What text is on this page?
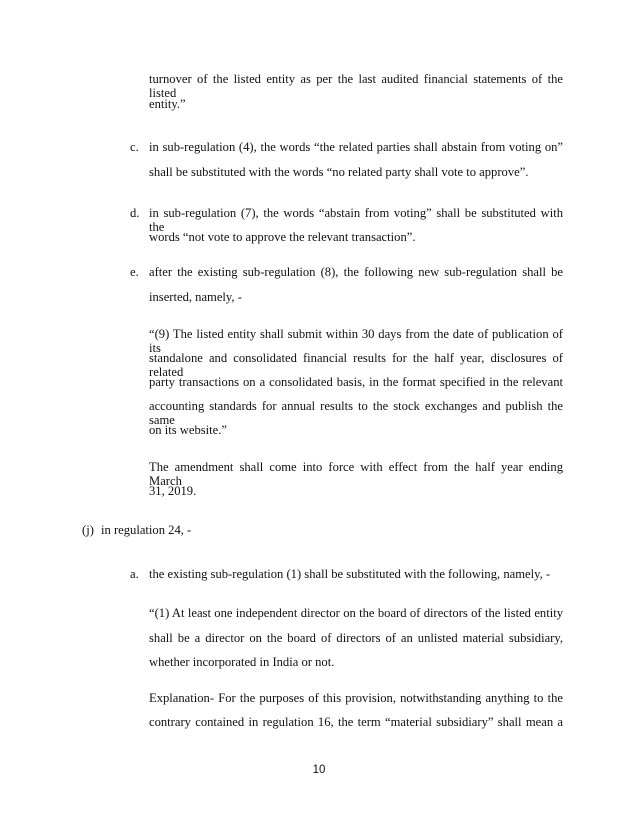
turnover of the listed entity as per the last audited financial statements of the listed
entity.”
c. in sub-regulation (4), the words “the related parties shall abstain from voting on”
shall be substituted with the words “no related party shall vote to approve”.
d. in sub-regulation (7), the words “abstain from voting” shall be substituted with the
words “not vote to approve the relevant transaction”.
e. after the existing sub-regulation (8), the following new sub-regulation shall be
inserted, namely, -
“(9) The listed entity shall submit within 30 days from the date of publication of its
standalone and consolidated financial results for the half year, disclosures of related
party transactions on a consolidated basis, in the format specified in the relevant
accounting standards for annual results to the stock exchanges and publish the same
on its website.”
The amendment shall come into force with effect from the half year ending March
31, 2019.
(j) in regulation 24, -
a. the existing sub-regulation (1) shall be substituted with the following, namely, -
“(1) At least one independent director on the board of directors of the listed entity
shall be a director on the board of directors of an unlisted material subsidiary,
whether incorporated in India or not.
Explanation- For the purposes of this provision, notwithstanding anything to the
contrary contained in regulation 16, the term “material subsidiary” shall mean a
10
